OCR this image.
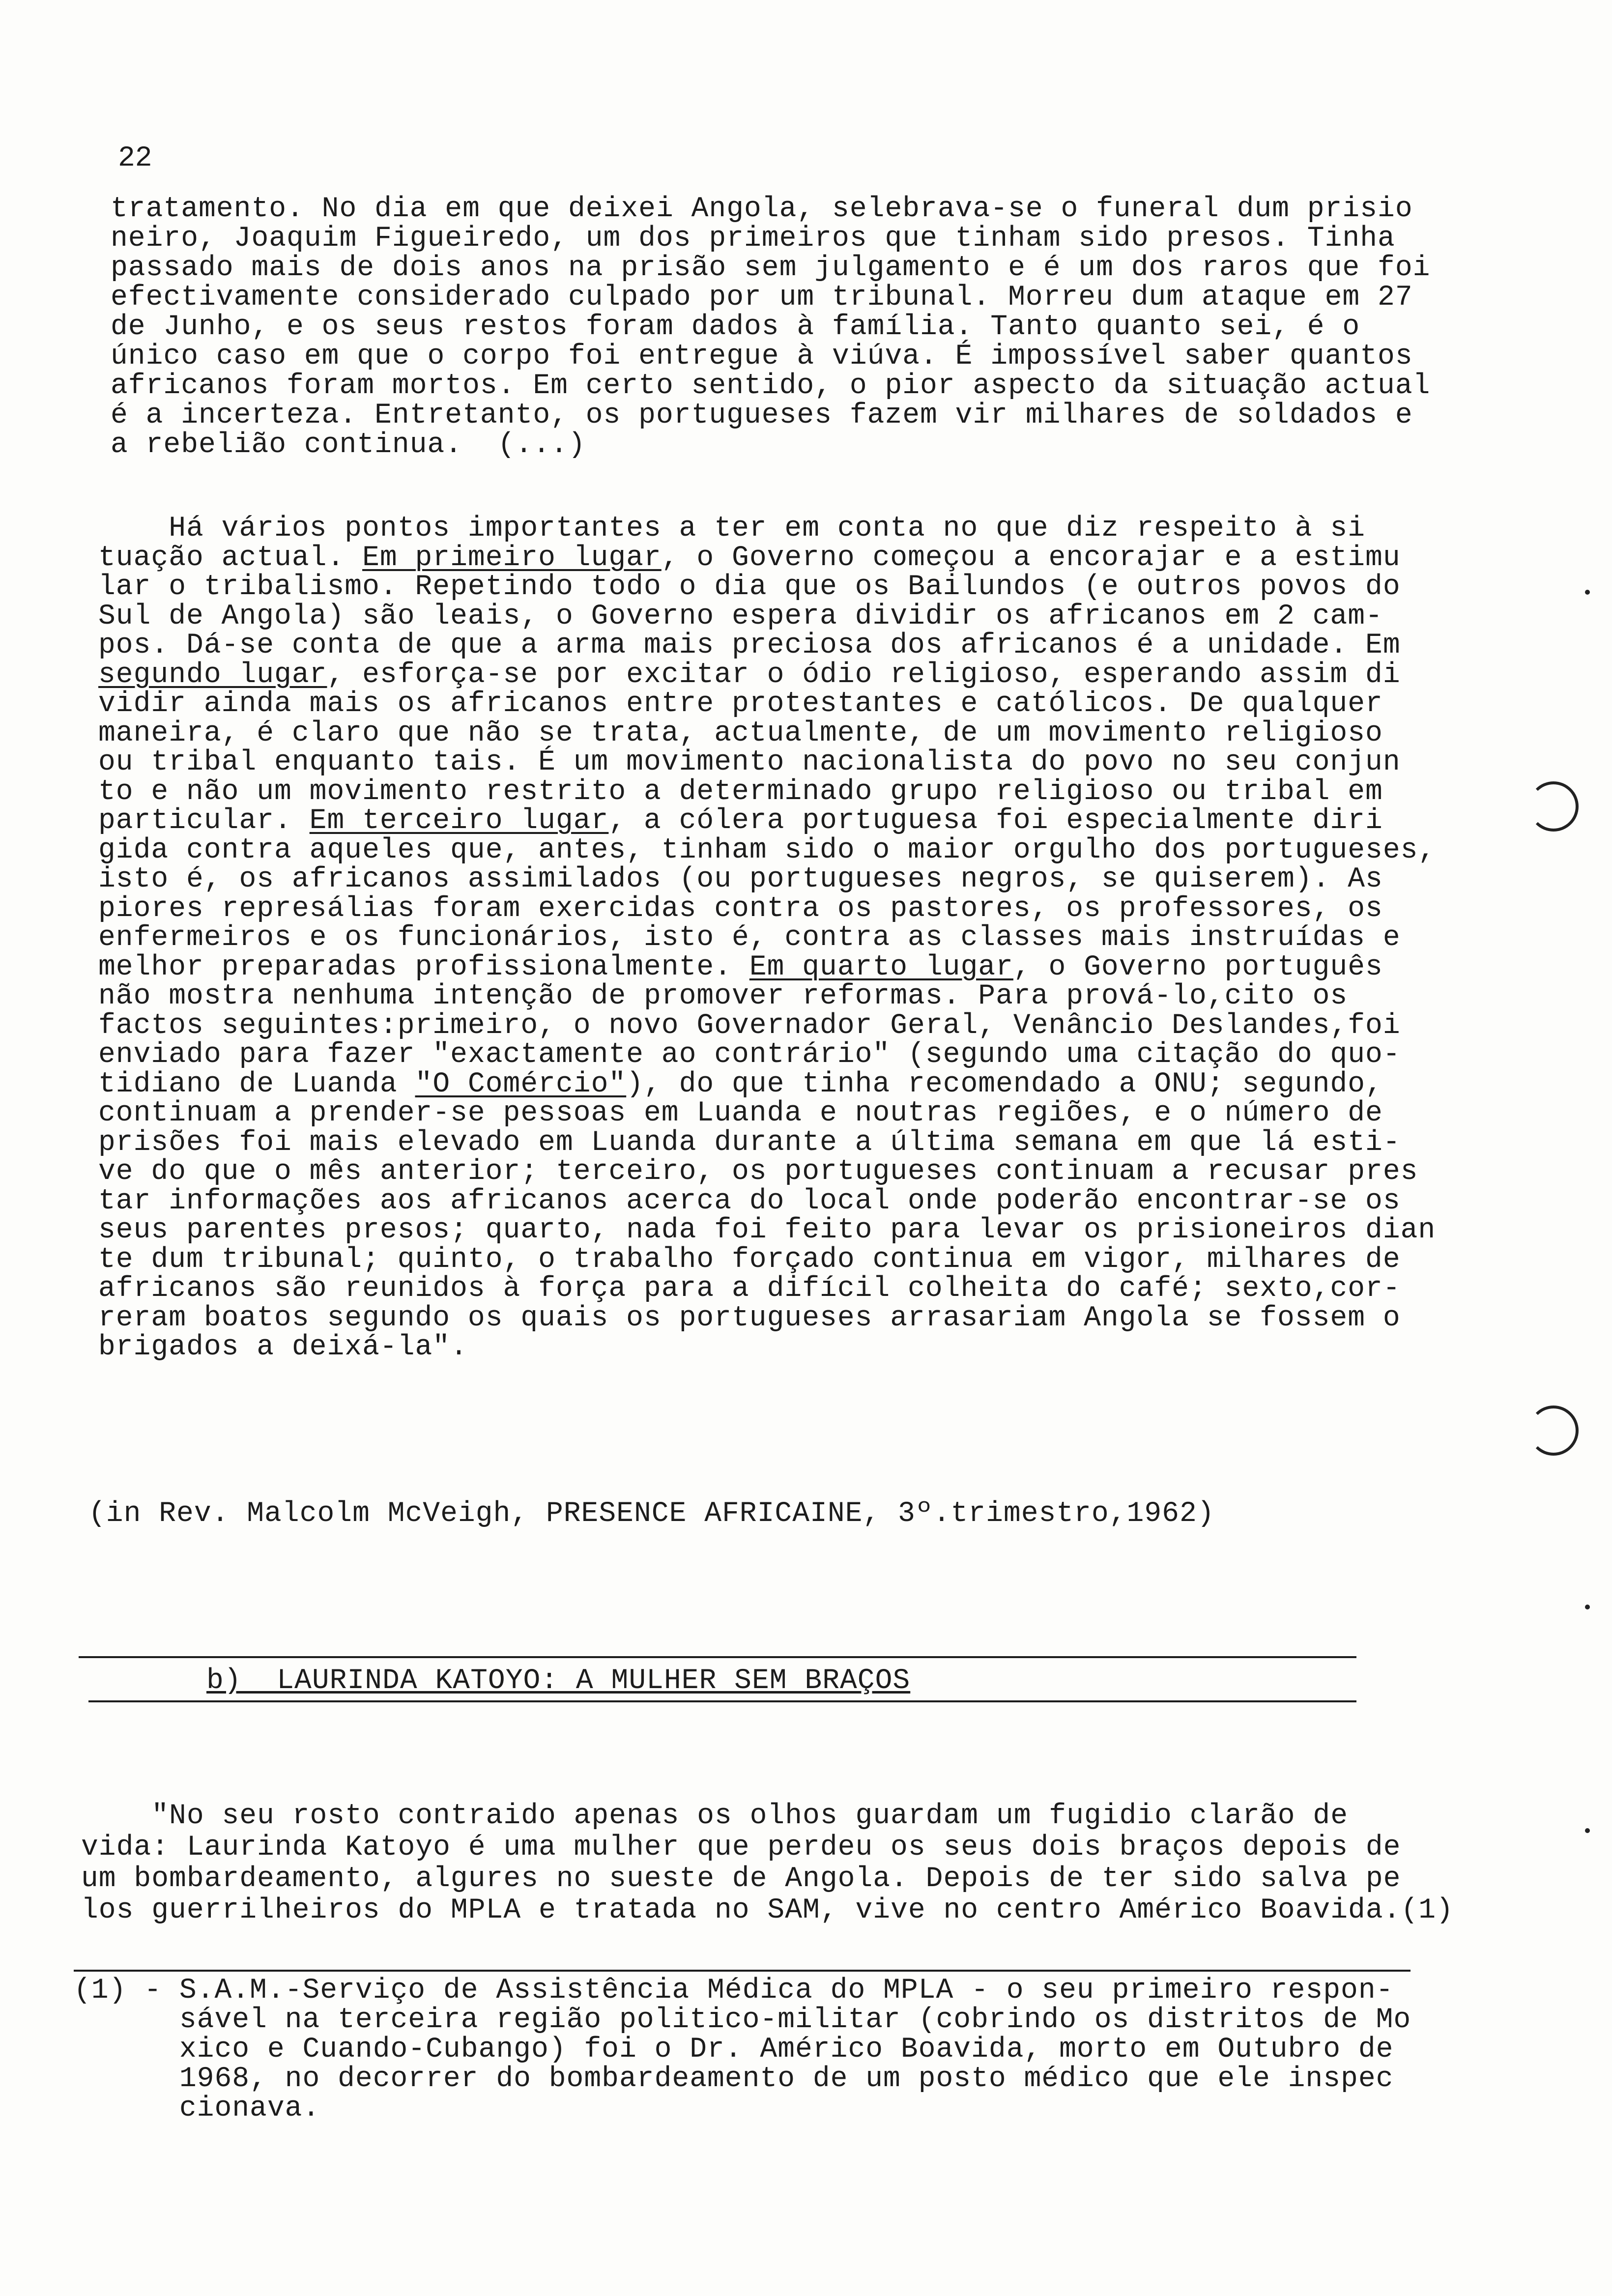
22
tratamento. No dia em que deixei Angola, selebrava-se o funeral dum prisio
neiro, Joaquim Figueiredo, um dos primeiros que tinham sido presos. Tinha
passado mais de dois anos na prisão sem julgamento e é um dos raros que foi
efectivamente considerado culpado por um tribunal. Morreu dum ataque em 27
de Junho, e os seus restos foram dados à família. Tanto quanto sei, é o
único caso em que o corpo foi entregue à viúva. É impossível saber quantos
africanos foram mortos. Em certo sentido, o pior aspecto da situação actual
é a incerteza. Entretanto, os portugueses fazem vir milhares de soldados e
a rebelião continua.  (...)
Há vários pontos importantes a ter em conta no que diz respeito à si
tuação actual. Em primeiro lugar, o Governo começou a encorajar e a estimu
lar o tribalismo. Repetindo todo o dia que os Bailundos (e outros povos do
Sul de Angola) são leais, o Governo espera dividir os africanos em 2 cam-
pos. Dá-se conta de que a arma mais preciosa dos africanos é a unidade. Em
segundo lugar, esforça-se por excitar o ódio religioso, esperando assim di
vidir ainda mais os africanos entre protestantes e católicos. De qualquer
maneira, é claro que não se trata, actualmente, de um movimento religioso
ou tribal enquanto tais. É um movimento nacionalista do povo no seu conjun
to e não um movimento restrito a determinado grupo religioso ou tribal em
particular. Em terceiro lugar, a cólera portuguesa foi especialmente diri
gida contra aqueles que, antes, tinham sido o maior orgulho dos portugueses,
isto é, os africanos assimilados (ou portugueses negros, se quiserem). As
piores represálias foram exercidas contra os pastores, os professores, os
enfermeiros e os funcionários, isto é, contra as classes mais instruídas e
melhor preparadas profissionalmente. Em quarto lugar, o Governo português
não mostra nenhuma intenção de promover reformas. Para prová-lo,cito os
factos seguintes:primeiro, o novo Governador Geral, Venâncio Deslandes,foi
enviado para fazer "exactamente ao contrário" (segundo uma citação do quo-
tidiano de Luanda "O Comércio"), do que tinha recomendado a ONU; segundo,
continuam a prender-se pessoas em Luanda e noutras regiões, e o número de
prisões foi mais elevado em Luanda durante a última semana em que lá esti-
ve do que o mês anterior; terceiro, os portugueses continuam a recusar pres
tar informações aos africanos acerca do local onde poderão encontrar-se os
seus parentes presos; quarto, nada foi feito para levar os prisioneiros dian
te dum tribunal; quinto, o trabalho forçado continua em vigor, milhares de
africanos são reunidos à força para a difícil colheita do café; sexto,cor-
reram boatos segundo os quais os portugueses arrasariam Angola se fossem o
brigados a deixá-la".
(in Rev. Malcolm McVeigh, PRESENCE AFRICAINE, 3º.trimestro,1962)
b)  LAURINDA KATOYO: A MULHER SEM BRAÇOS
"No seu rosto contraido apenas os olhos guardam um fugidio clarão de
vida: Laurinda Katoyo é uma mulher que perdeu os seus dois braços depois de
um bombardeamento, algures no sueste de Angola. Depois de ter sido salva pe
los guerrilheiros do MPLA e tratada no SAM, vive no centro Américo Boavida.(1)
(1) - S.A.M.-Serviço de Assistência Médica do MPLA - o seu primeiro respon-
sável na terceira região politico-militar (cobrindo os distritos de Mo
xico e Cuando-Cubango) foi o Dr. Américo Boavida, morto em Outubro de
1968, no decorrer do bombardeamento de um posto médico que ele inspec
cionava.
